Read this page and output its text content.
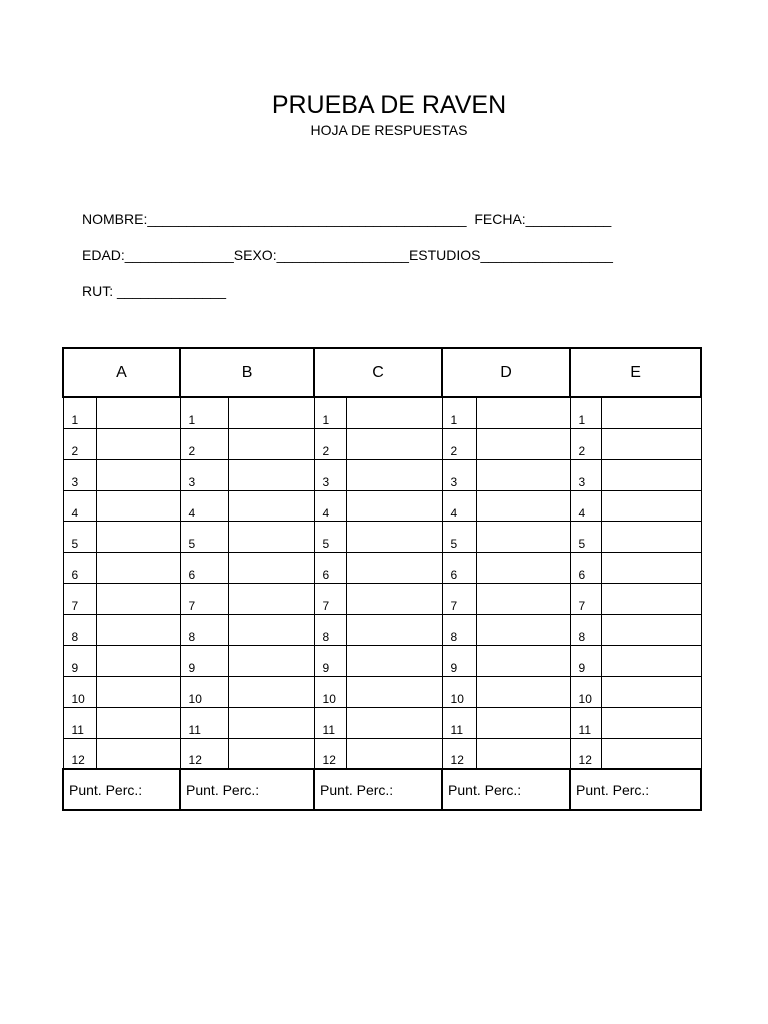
PRUEBA DE RAVEN
HOJA DE RESPUESTAS
NOMBRE:_________________________________________  FECHA:___________
EDAD:______________SEXO:_________________ESTUDIOS_________________
RUT: ______________
A		B		C		D		E	
1		1		1		1		1	
2		2		2		2		2	
3		3		3		3		3	
4		4		4		4		4	
5		5		5		5		5	
6		6		6		6		6	
7		7		7		7		7	
8		8		8		8		8	
9		9		9		9		9	
10		10		10		10		10	
11		11		11		11		11	
12		12		12		12		12	
Punt. Perc.:		Punt. Perc.:		Punt. Perc.:		Punt. Perc.:		Punt. Perc.:	
